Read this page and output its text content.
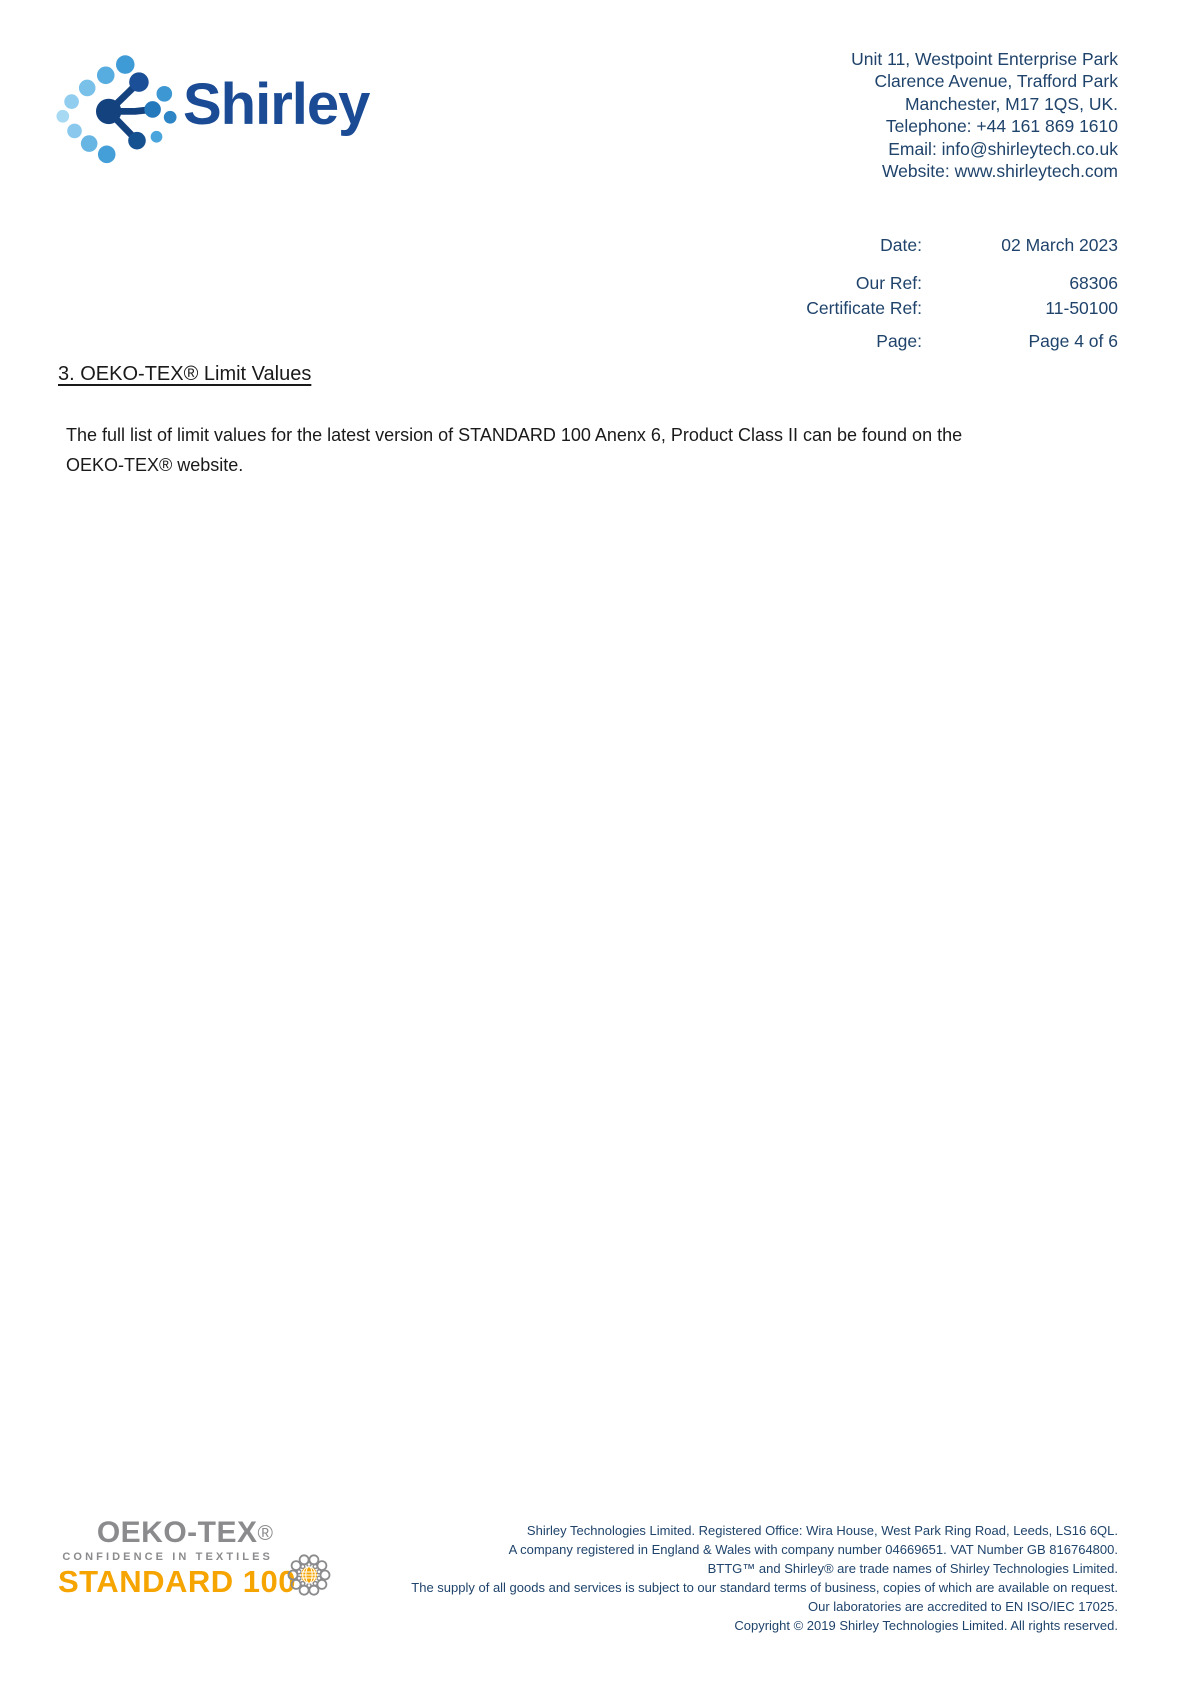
Shirley
Unit 11, Westpoint Enterprise Park
Clarence Avenue, Trafford Park
Manchester, M17 1QS, UK.
Telephone: +44 161 869 1610
Email: info@shirleytech.co.uk
Website: www.shirleytech.com
Date:	02 March 2023
Our Ref:	68306
Certificate Ref:	11-50100
Page:	Page 4 of 6
3. OEKO-TEX® Limit Values

The full list of limit values for the latest version of STANDARD 100 Anenx 6, Product Class II can be found on the OEKO-TEX® website.

OEKO-TEX®
CONFIDENCE IN TEXTILES
STANDARD 100
Shirley Technologies Limited. Registered Office: Wira House, West Park Ring Road, Leeds, LS16 6QL.
A company registered in England & Wales with company number 04669651. VAT Number GB 816764800.
BTTG™ and Shirley® are trade names of Shirley Technologies Limited.
The supply of all goods and services is subject to our standard terms of business, copies of which are available on request.
Our laboratories are accredited to EN ISO/IEC 17025.
Copyright © 2019 Shirley Technologies Limited. All rights reserved.
